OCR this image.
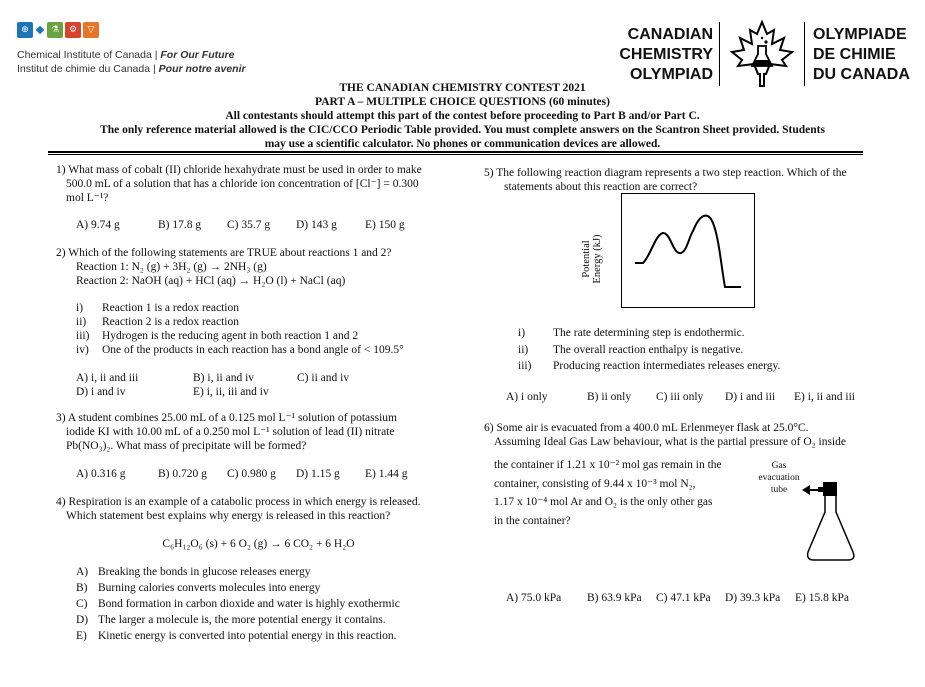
⊕	⚗	⚙	▽
Chemical Institute of Canada | For Our Future
Institut de chimie du Canada | Pour notre avenir
CANADIAN
CHEMISTRY
OLYMPIAD
OLYMPIADE
DE CHIMIE
DU CANADA
THE CANADIAN CHEMISTRY CONTEST 2021
PART A – MULTIPLE CHOICE QUESTIONS (60 minutes)
All contestants should attempt this part of the contest before proceeding to Part B and/or Part C.
The only reference material allowed is the CIC/CCO Periodic Table provided. You must complete answers on the Scantron Sheet provided. Students
may use a scientific calculator. No phones or communication devices are allowed.
1) What mass of cobalt (II) chloride hexahydrate must be used in order to make
500.0 mL of a solution that has a chloride ion concentration of [Cl⁻] = 0.300
mol L⁻¹?
A) 9.74 g	B) 17.8 g C) 35.7 g D) 143 g E) 150 g
2) Which of the following statements are TRUE about reactions 1 and 2?
Reaction 1: N₂ (g) + 3H₂ (g) → 2NH₃ (g)
Reaction 2: NaOH (aq) + HCl (aq) → H₂O (l) + NaCl (aq)
i) Reaction 1 is a redox reaction
ii) Reaction 2 is a redox reaction
iii) Hydrogen is the reducing agent in both reaction 1 and 2
iv) One of the products in each reaction has a bond angle of < 109.5°
A) i, ii and iii	B) i, ii and iv	C) ii and iv
D) i and iv	E) i, ii, iii and iv
3) A student combines 25.00 mL of a 0.125 mol L⁻¹ solution of potassium
iodide KI with 10.00 mL of a 0.250 mol L⁻¹ solution of lead (II) nitrate
Pb(NO₃)₂. What mass of precipitate will be formed?
A) 0.316 g	B) 0.720 g C) 0.980 g D) 1.15 g E) 1.44 g
4) Respiration is an example of a catabolic process in which energy is released.
Which statement best explains why energy is released in this reaction?
C₆H₁₂O₆ (s) + 6 O₂ (g) → 6 CO₂ + 6 H₂O
A) Breaking the bonds in glucose releases energy
B) Burning calories converts molecules into energy
C) Bond formation in carbon dioxide and water is highly exothermic
D) The larger a molecule is, the more potential energy it contains.
E) Kinetic energy is converted into potential energy in this reaction.
5) The following reaction diagram represents a two step reaction. Which of the
statements about this reaction are correct?
Potential Energy (kJ)
i) The rate determining step is endothermic.
ii) The overall reaction enthalpy is negative.
iii) Producing reaction intermediates releases energy.
A) i only	B) ii only C) iii only D) i and iii E) i, ii and iii
6) Some air is evacuated from a 400.0 mL Erlenmeyer flask at 25.0°C.
Assuming Ideal Gas Law behaviour, what is the partial pressure of O₂ inside
the container if 1.21 x 10⁻² mol gas remain in the
container, consisting of 9.44 x 10⁻³ mol N₂,
1.17 x 10⁻⁴ mol Ar and O₂ is the only other gas
in the container?
Gas
evacuation
tube
A) 75.0 kPa B) 63.9 kPa C) 47.1 kPa D) 39.3 kPa E) 15.8 kPa
